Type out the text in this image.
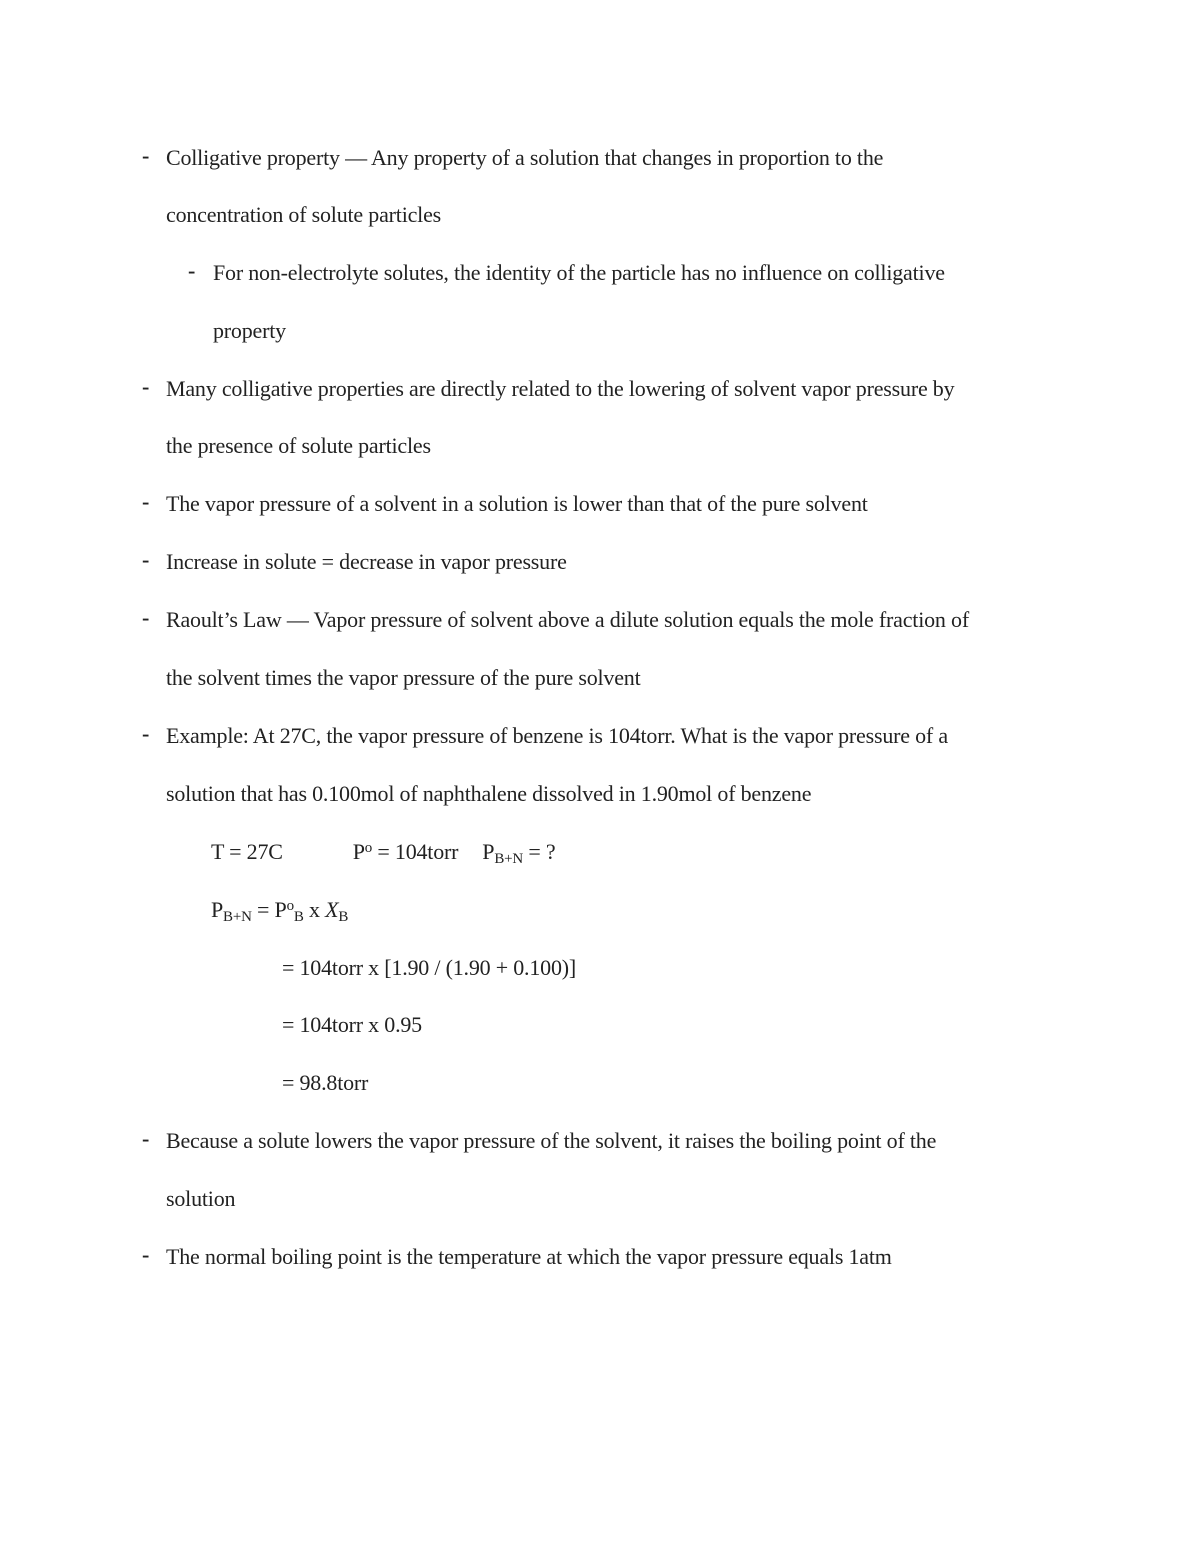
- Colligative property — Any property of a solution that changes in proportion to the
concentration of solute particles
- For non-electrolyte solutes, the identity of the particle has no influence on colligative
property
- Many colligative properties are directly related to the lowering of solvent vapor pressure by
the presence of solute particles
- The vapor pressure of a solvent in a solution is lower than that of the pure solvent
- Increase in solute = decrease in vapor pressure
- Raoult’s Law — Vapor pressure of solvent above a dilute solution equals the mole fraction of
the solvent times the vapor pressure of the pure solvent
- Example: At 27C, the vapor pressure of benzene is 104torr. What is the vapor pressure of a
solution that has 0.100mol of naphthalene dissolved in 1.90mol of benzene
T = 27C	$P^o$ = 104torr $P_{B+N}$ = ?
$P_{B+N} = P^o_B$ x $X_B$
= 104torr x [1.90 / (1.90 + 0.100)]
= 104torr x 0.95
= 98.8torr
- Because a solute lowers the vapor pressure of the solvent, it raises the boiling point of the
solution
- The normal boiling point is the temperature at which the vapor pressure equals 1atm
